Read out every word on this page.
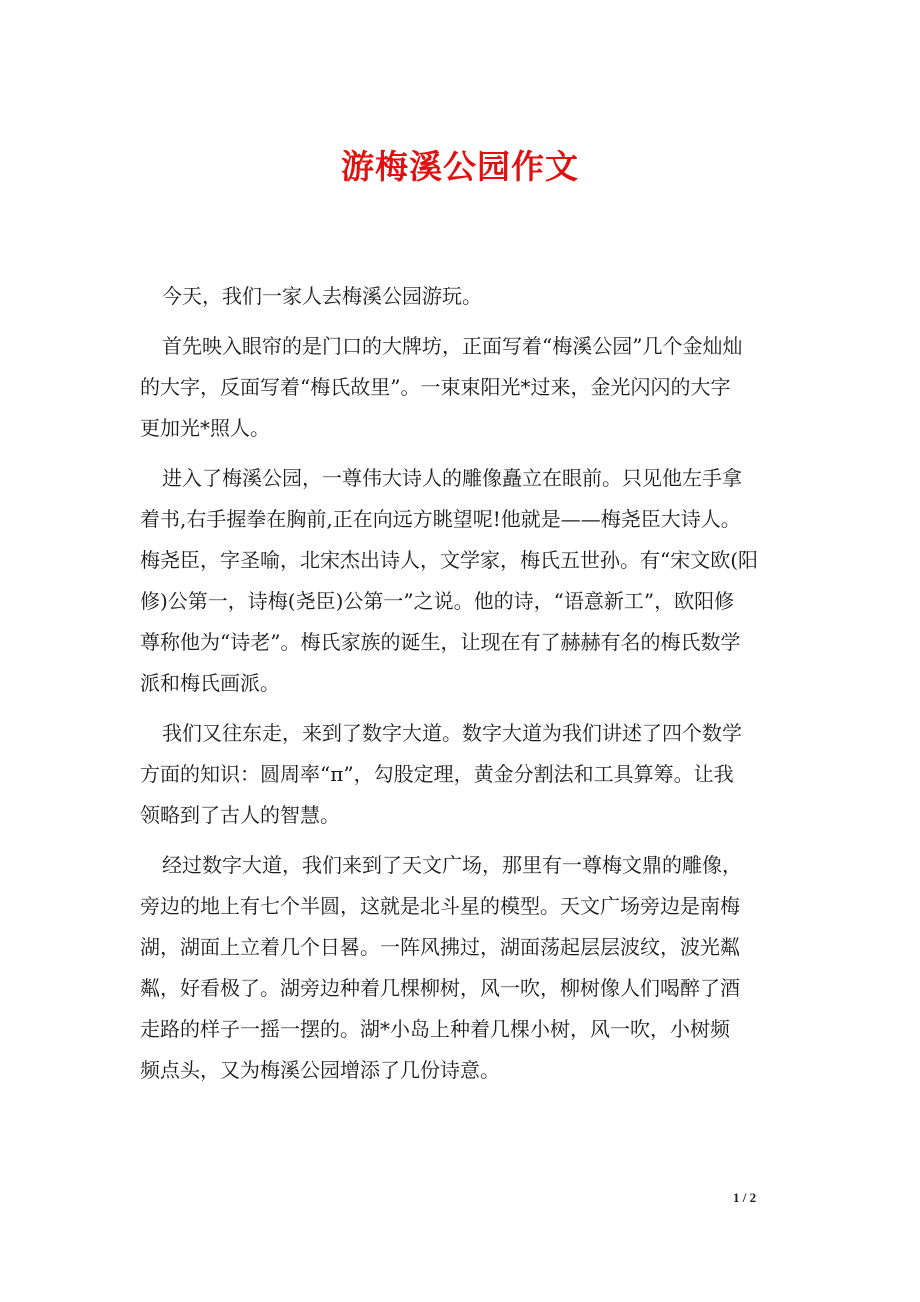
游梅溪公园作文

今天，我们一家人去梅溪公园游玩。

首先映入眼帘的是门口的大牌坊，正面写着“梅溪公园”几个金灿灿
的大字，反面写着“梅氏故里”。一束束阳光*过来，金光闪闪的大字
更加光*照人。

进入了梅溪公园，一尊伟大诗人的雕像矗立在眼前。只见他左手拿
着书,右手握拳在胸前,正在向远方眺望呢!他就是——梅尧臣大诗人。
梅尧臣，字圣喻，北宋杰出诗人，文学家，梅氏五世孙。有“宋文欧(阳
修)公第一，诗梅(尧臣)公第一”之说。他的诗，“语意新工”，欧阳修
尊称他为“诗老”。梅氏家族的诞生，让现在有了赫赫有名的梅氏数学
派和梅氏画派。

我们又往东走，来到了数字大道。数字大道为我们讲述了四个数学
方面的知识：圆周率“π”，勾股定理，黄金分割法和工具算筹。让我
领略到了古人的智慧。

经过数字大道，我们来到了天文广场，那里有一尊梅文鼎的雕像，
旁边的地上有七个半圆，这就是北斗星的模型。天文广场旁边是南梅
湖，湖面上立着几个日晷。一阵风拂过，湖面荡起层层波纹，波光粼
粼，好看极了。湖旁边种着几棵柳树，风一吹，柳树像人们喝醉了酒
走路的样子一摇一摆的。湖*小岛上种着几棵小树，风一吹，小树频
频点头，又为梅溪公园增添了几份诗意。

1 / 2
